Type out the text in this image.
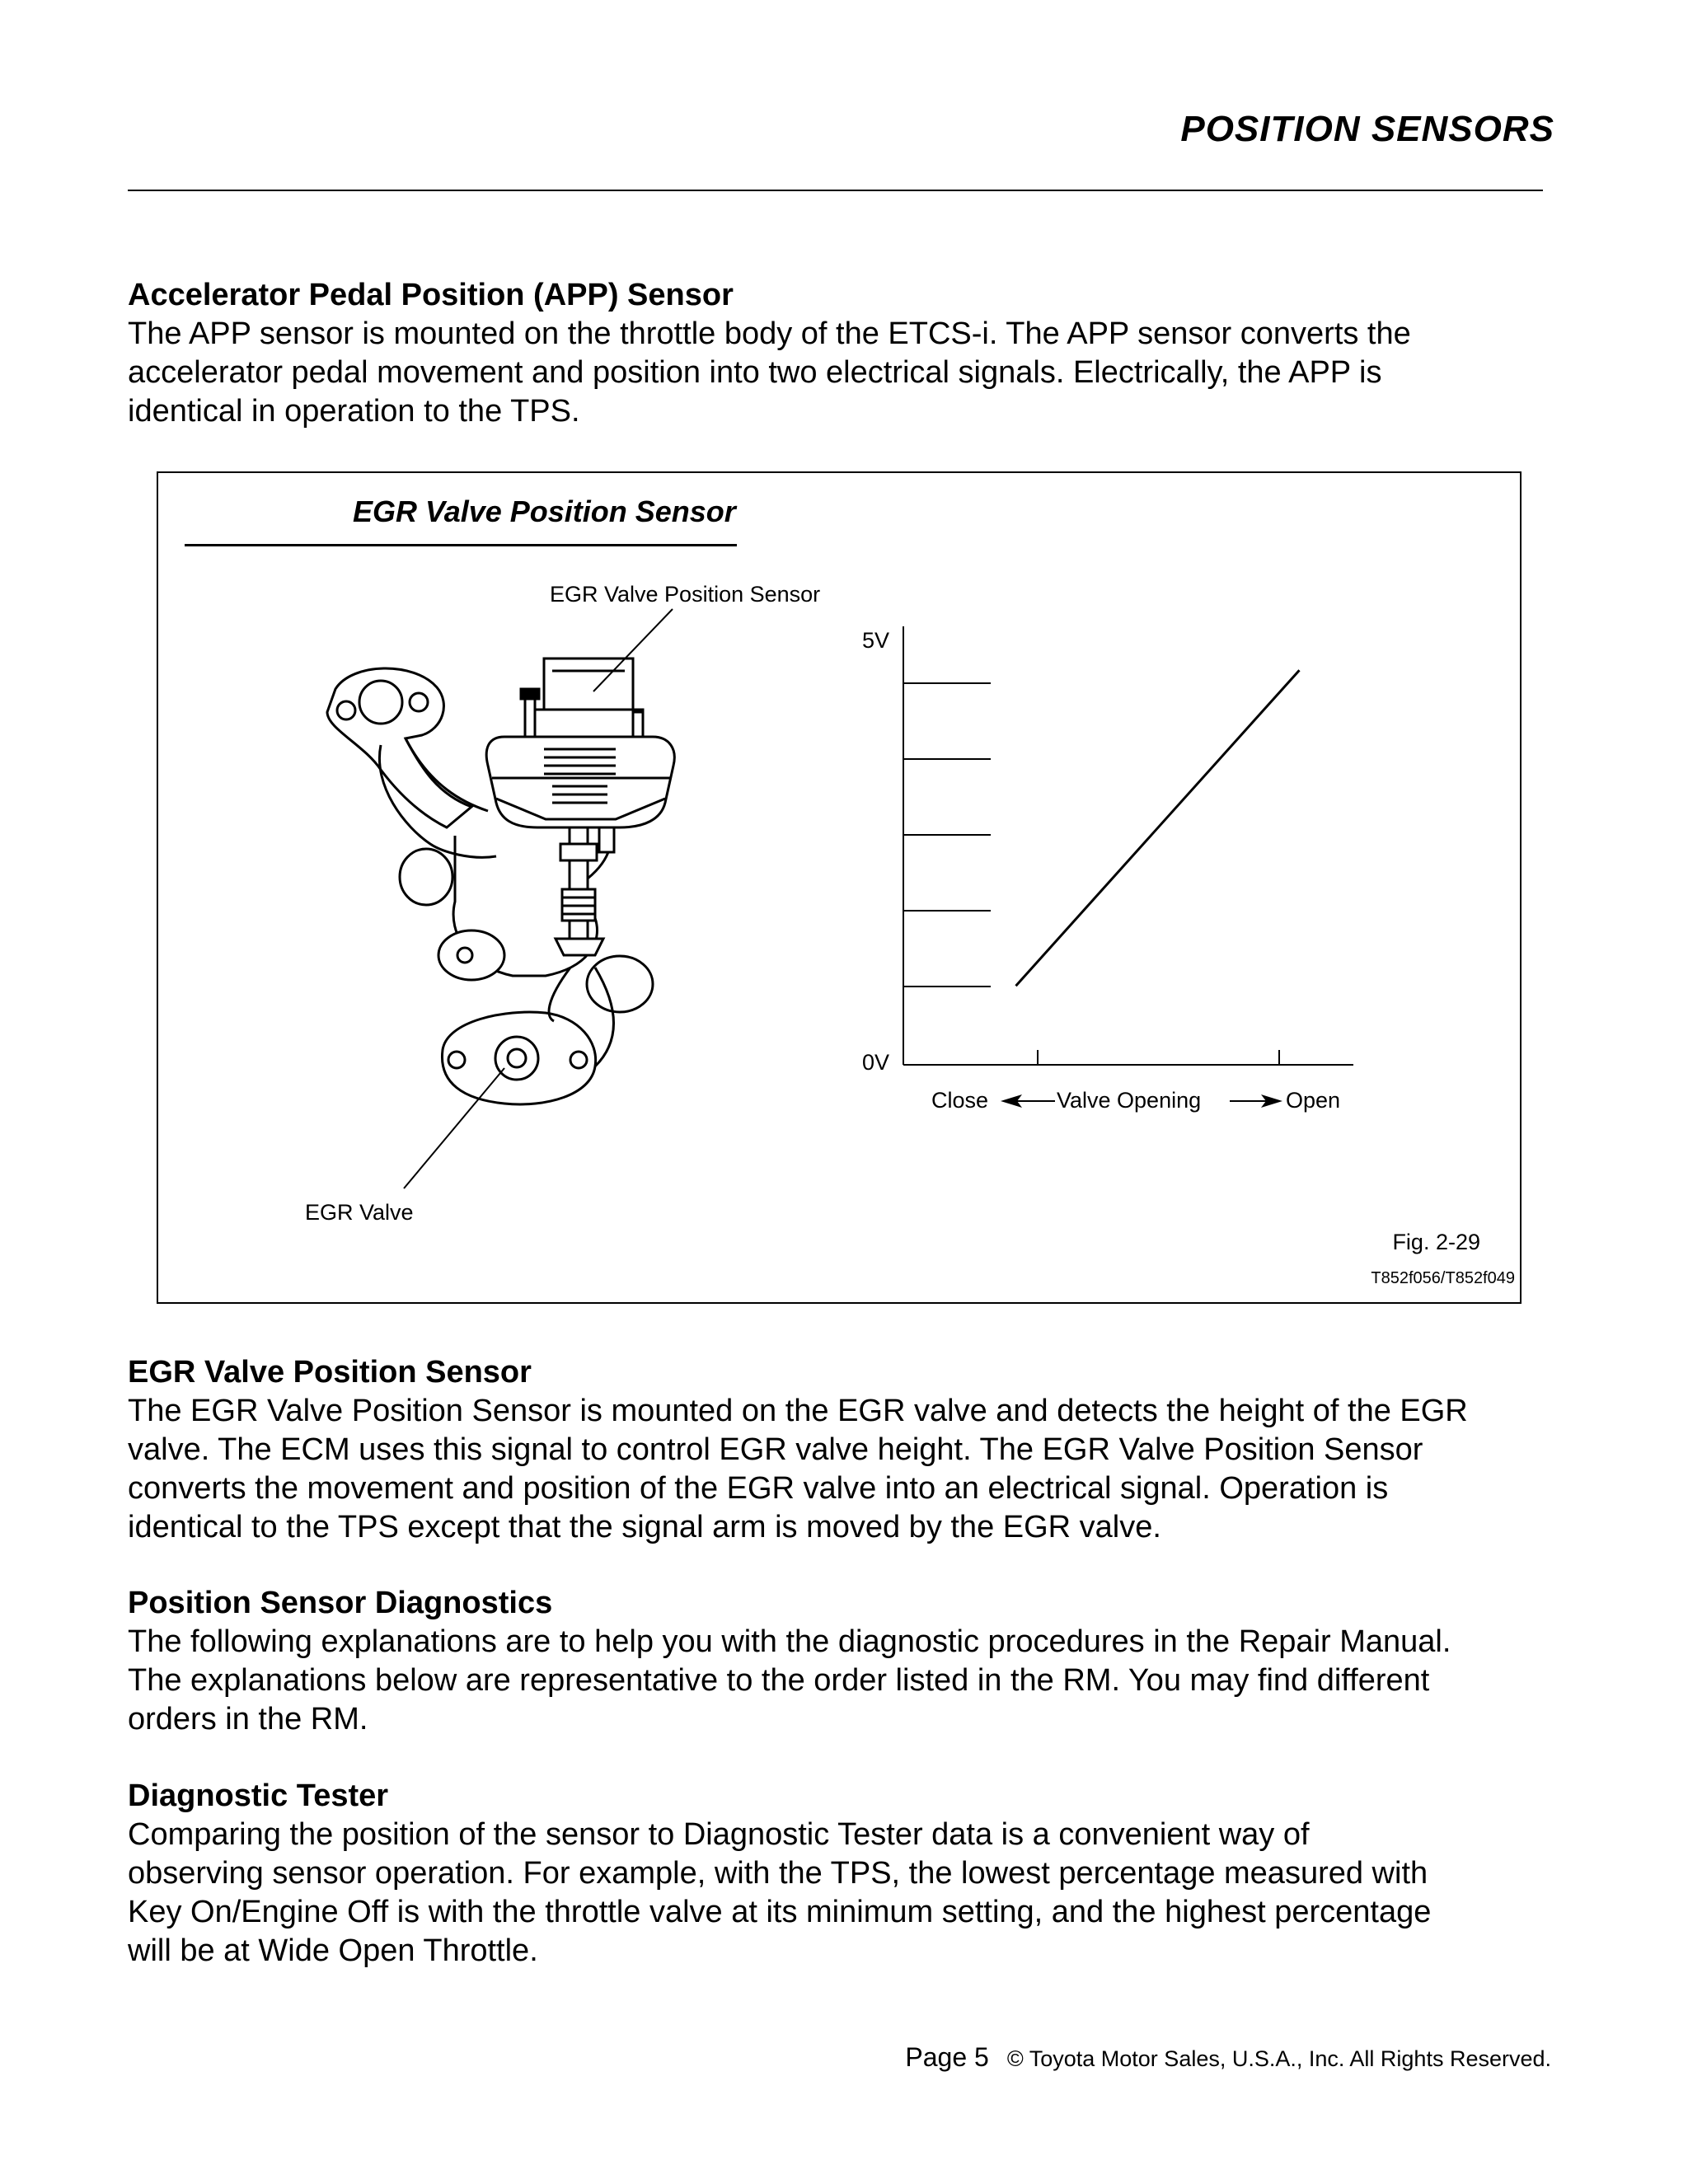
POSITION SENSORS
Accelerator Pedal Position (APP) Sensor

The APP sensor is mounted on the throttle body of the ETCS-i. The APP sensor converts the

accelerator pedal movement and position into two electrical signals. Electrically, the APP is

identical in operation to the TPS.

EGR Valve Position Sensor
EGR Valve Position Sensor
5V
0V
Close	Valve Opening	Open
EGR Valve
Fig. 2-29
T852f056/T852f049
EGR Valve Position Sensor

The EGR Valve Position Sensor is mounted on the EGR valve and detects the height of the EGR

valve. The ECM uses this signal to control EGR valve height. The EGR Valve Position Sensor

converts the movement and position of the EGR valve into an electrical signal. Operation is

identical to the TPS except that the signal arm is moved by the EGR valve.

Position Sensor Diagnostics

The following explanations are to help you with the diagnostic procedures in the Repair Manual.

The explanations below are representative to the order listed in the RM. You may find different

orders in the RM.

Diagnostic Tester

Comparing the position of the sensor to Diagnostic Tester data is a convenient way of

observing sensor operation. For example, with the TPS, the lowest percentage measured with

Key On/Engine Off is with the throttle valve at its minimum setting, and the highest percentage

will be at Wide Open Throttle.

Page 5 © Toyota Motor Sales, U.S.A., Inc. All Rights Reserved.
